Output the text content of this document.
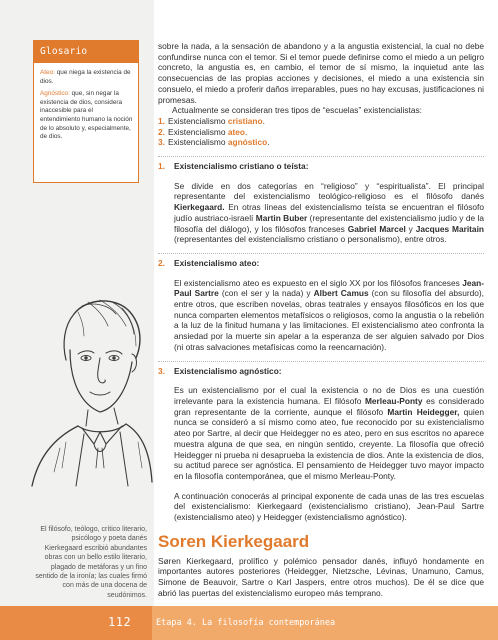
Glosario

Ateo: que niega la existencia de dios.

Agnóstico: que, sin negar la existencia de dios, considera inaccesible para el entendimiento humano la noción de lo absoluto y, especialmente, de dios.

El filósofo, teólogo, crítico literario, psicólogo y poeta danés Kierkegaard escribió abundantes obras con un bello estilo literario, plagado de metáforas y un fino sentido de la ironía; las cuales firmó con más de una docena de seudónimos.

sobre la nada, a la sensación de abandono y a la angustia existencial, la cual no debe confundirse nunca con el temor. Si el temor puede definirse como el miedo a un peligro concreto, la angustia es, en cambio, el temor de sí mismo, la inquietud ante las consecuencias de las propias acciones y decisiones, el miedo a una existencia sin consuelo, el miedo a proferir daños irreparables, pues no hay excusas, justificaciones ni promesas.

Actualmente se consideran tres tipos de “escuelas” existencialistas:

1. Existencialismo cristiano.
2. Existencialismo ateo.
3. Existencialismo agnóstico.
1. Existencialismo cristiano o teísta:

Se divide en dos categorías en “religioso” y “espiritualista”. El principal representante del existencialismo teológico-religioso es el filósofo danés Kierkegaard. En otras líneas del existencialismo teísta se encuentran el filósofo judío austriaco-israelí Martin Buber (representante del existencialismo judío y de la filosofía del diálogo), y los filósofos franceses Gabriel Marcel y Jacques Maritain (representantes del existencialismo cristiano o personalismo), entre otros.

2. Existencialismo ateo:

El existencialismo ateo es expuesto en el siglo XX por los filósofos franceses Jean-Paul Sartre (con el ser y la nada) y Albert Camus (con su filosofía del absurdo), entre otros, que escriben novelas, obras teatrales y ensayos filosóficos en los que nunca comparten elementos metafísicos o religiosos, como la angustia o la rebelión a la luz de la finitud humana y las limitaciones. El existencialismo ateo confronta la ansiedad por la muerte sin apelar a la esperanza de ser alguien salvado por Dios (ni otras salvaciones metafísicas como la reencarnación).

3. Existencialismo agnóstico:

Es un existencialismo por el cual la existencia o no de Dios es una cuestión irrelevante para la existencia humana. El filósofo Merleau-Ponty es considerado gran representante de la corriente, aunque el filósofo Martin Heidegger, quien nunca se consideró a sí mismo como ateo, fue reconocido por su existencialismo ateo por Sartre, al decir que Heidegger no es ateo, pero en sus escritos no aparece muestra alguna de que sea, en ningún sentido, creyente. La filosofía que ofreció Heidegger ni prueba ni desaprueba la existencia de dios. Ante la existencia de dios, su actitud parece ser agnóstica. El pensamiento de Heidegger tuvo mayor impacto en la filosofía contemporánea, que el mismo Merleau-Ponty.

A continuación conocerás al principal exponente de cada unas de las tres escuelas del existencialismo: Kierkegaard (existencialismo cristiano), Jean-Paul Sartre (existencialismo ateo) y Heidegger (existencialismo agnóstico).

Soren Kierkegaard

Søren Kierkegaard, prolífico y polémico pensador danés, influyó hondamente en importantes autores posteriores (Heidegger, Nietzsche, Lévinas, Unamuno, Camus, Simone de Beauvoir, Sartre o Karl Jaspers, entre otros muchos). De él se dice que abrió las puertas del existencialismo europeo más temprano.

112	Etapa 4. La filosofía contemporánea
